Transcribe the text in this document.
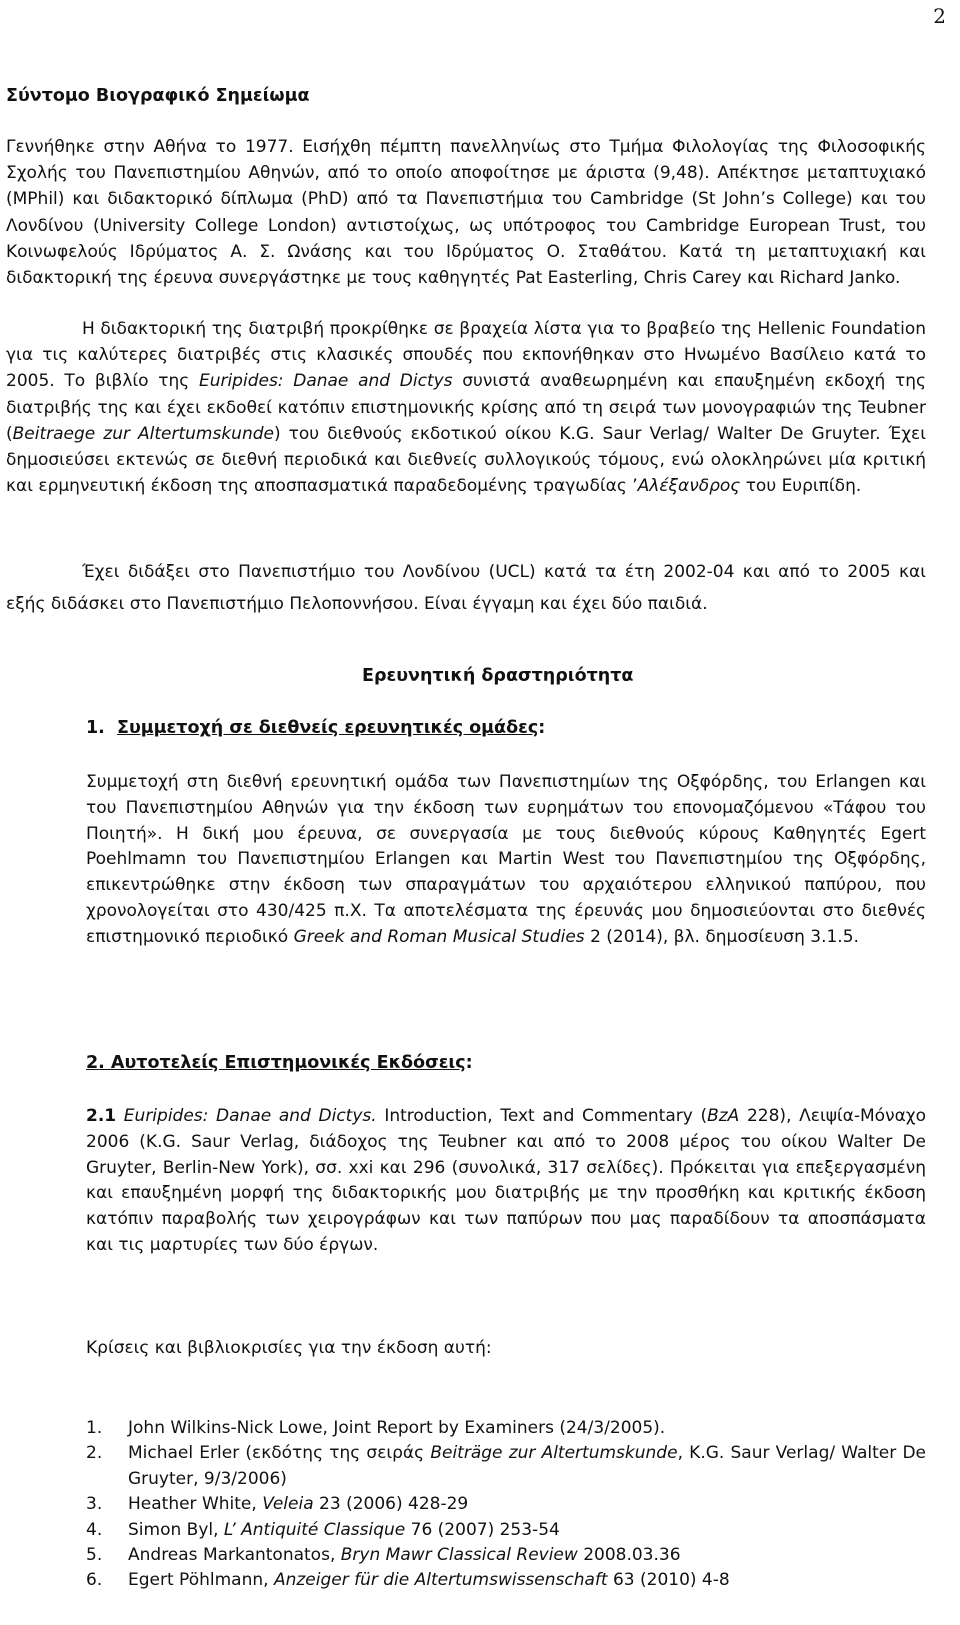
2
Σύντομο Βιογραφικό Σημείωμα
Γεννήθηκε στην Αθήνα το 1977. Εισήχθη πέμπτη πανελληνίως στο Τμήμα Φιλολογίας της Φιλοσοφικής Σχολής του Πανεπιστημίου Αθηνών, από το οποίο αποφοίτησε με άριστα (9,48). Απέκτησε μεταπτυχιακό (MPhil) και διδακτορικό δίπλωμα (PhD) από τα Πανεπιστήμια του Cambridge (St John’s College) και του Λονδίνου (University College London) αντιστοίχως, ως υπότροφος του Cambridge European Trust, του Κοινωφελούς Ιδρύματος Α. Σ. Ωνάσης και του Ιδρύματος Ο. Σταθάτου. Κατά τη μεταπτυχιακή και διδακτορική της έρευνα συνεργάστηκε με τους καθηγητές Pat Easterling, Chris Carey και Richard Janko.
Η διδακτορική της διατριβή προκρίθηκε σε βραχεία λίστα για το βραβείο της Hellenic Foundation για τις καλύτερες διατριβές στις κλασικές σπουδές που εκπονήθηκαν στο Ηνωμένο Βασίλειο κατά το 2005. Το βιβλίο της Euripides: Danae and Dictys συνιστά αναθεωρημένη και επαυξημένη εκδοχή της διατριβής της και έχει εκδοθεί κατόπιν επιστημονικής κρίσης από τη σειρά των μονογραφιών της Teubner (Beitraege zur Altertumskunde) του διεθνούς εκδοτικού οίκου K.G. Saur Verlag/ Walter De Gruyter. Έχει δημοσιεύσει εκτενώς σε διεθνή περιοδικά και διεθνείς συλλογικούς τόμους, ενώ ολοκληρώνει μία κριτική και ερμηνευτική έκδοση της αποσπασματικά παραδεδομένης τραγωδίας ’Αλέξανδρος του Ευριπίδη.
Έχει διδάξει στο Πανεπιστήμιο του Λονδίνου (UCL) κατά τα έτη 2002-04 και από το 2005 και εξής διδάσκει στο Πανεπιστήμιο Πελοποννήσου. Είναι έγγαμη και έχει δύο παιδιά.
Ερευνητική δραστηριότητα
1. Συμμετοχή σε διεθνείς ερευνητικές ομάδες:
Συμμετοχή στη διεθνή ερευνητική ομάδα των Πανεπιστημίων της Οξφόρδης, του Erlangen και του Πανεπιστημίου Αθηνών για την έκδοση των ευρημάτων του επονομαζόμενου «Τάφου του Ποιητή». Η δική μου έρευνα, σε συνεργασία με τους διεθνούς κύρους Καθηγητές Egert Poehlmamn του Πανεπιστημίου Erlangen και Martin West του Πανεπιστημίου της Οξφόρδης, επικεντρώθηκε στην έκδοση των σπαραγμάτων του αρχαιότερου ελληνικού παπύρου, που χρονολογείται στο 430/425 π.Χ. Τα αποτελέσματα της έρευνάς μου δημοσιεύονται στο διεθνές επιστημονικό περιοδικό Greek and Roman Musical Studies 2 (2014), βλ. δημοσίευση 3.1.5.
2. Αυτοτελείς Επιστημονικές Εκδόσεις:
2.1 Euripides: Danae and Dictys. Introduction, Text and Commentary (BzA 228), Λειψία-Μόναχο 2006 (K.G. Saur Verlag, διάδοχος της Teubner και από το 2008 μέρος του οίκου Walter De Gruyter, Berlin-New York), σσ. xxi και 296 (συνολικά, 317 σελίδες). Πρόκειται για επεξεργασμένη και επαυξημένη μορφή της διδακτορικής μου διατριβής με την προσθήκη και κριτικής έκδοση κατόπιν παραβολής των χειρογράφων και των παπύρων που μας παραδίδουν τα αποσπάσματα και τις μαρτυρίες των δύο έργων.
Κρίσεις και βιβλιοκρισίες για την έκδοση αυτή:
1. John Wilkins-Nick Lowe, Joint Report by Examiners (24/3/2005).
2. Michael Erler (εκδότης της σειράς Beiträge zur Altertumskunde, K.G. Saur Verlag/ Walter De Gruyter, 9/3/2006)
3. Heather White, Veleia 23 (2006) 428-29
4. Simon Byl, L’ Antiquité Classique 76 (2007) 253-54
5. Andreas Markantonatos, Bryn Mawr Classical Review 2008.03.36
6. Egert Pöhlmann, Anzeiger für die Altertumswissenschaft 63 (2010) 4-8
